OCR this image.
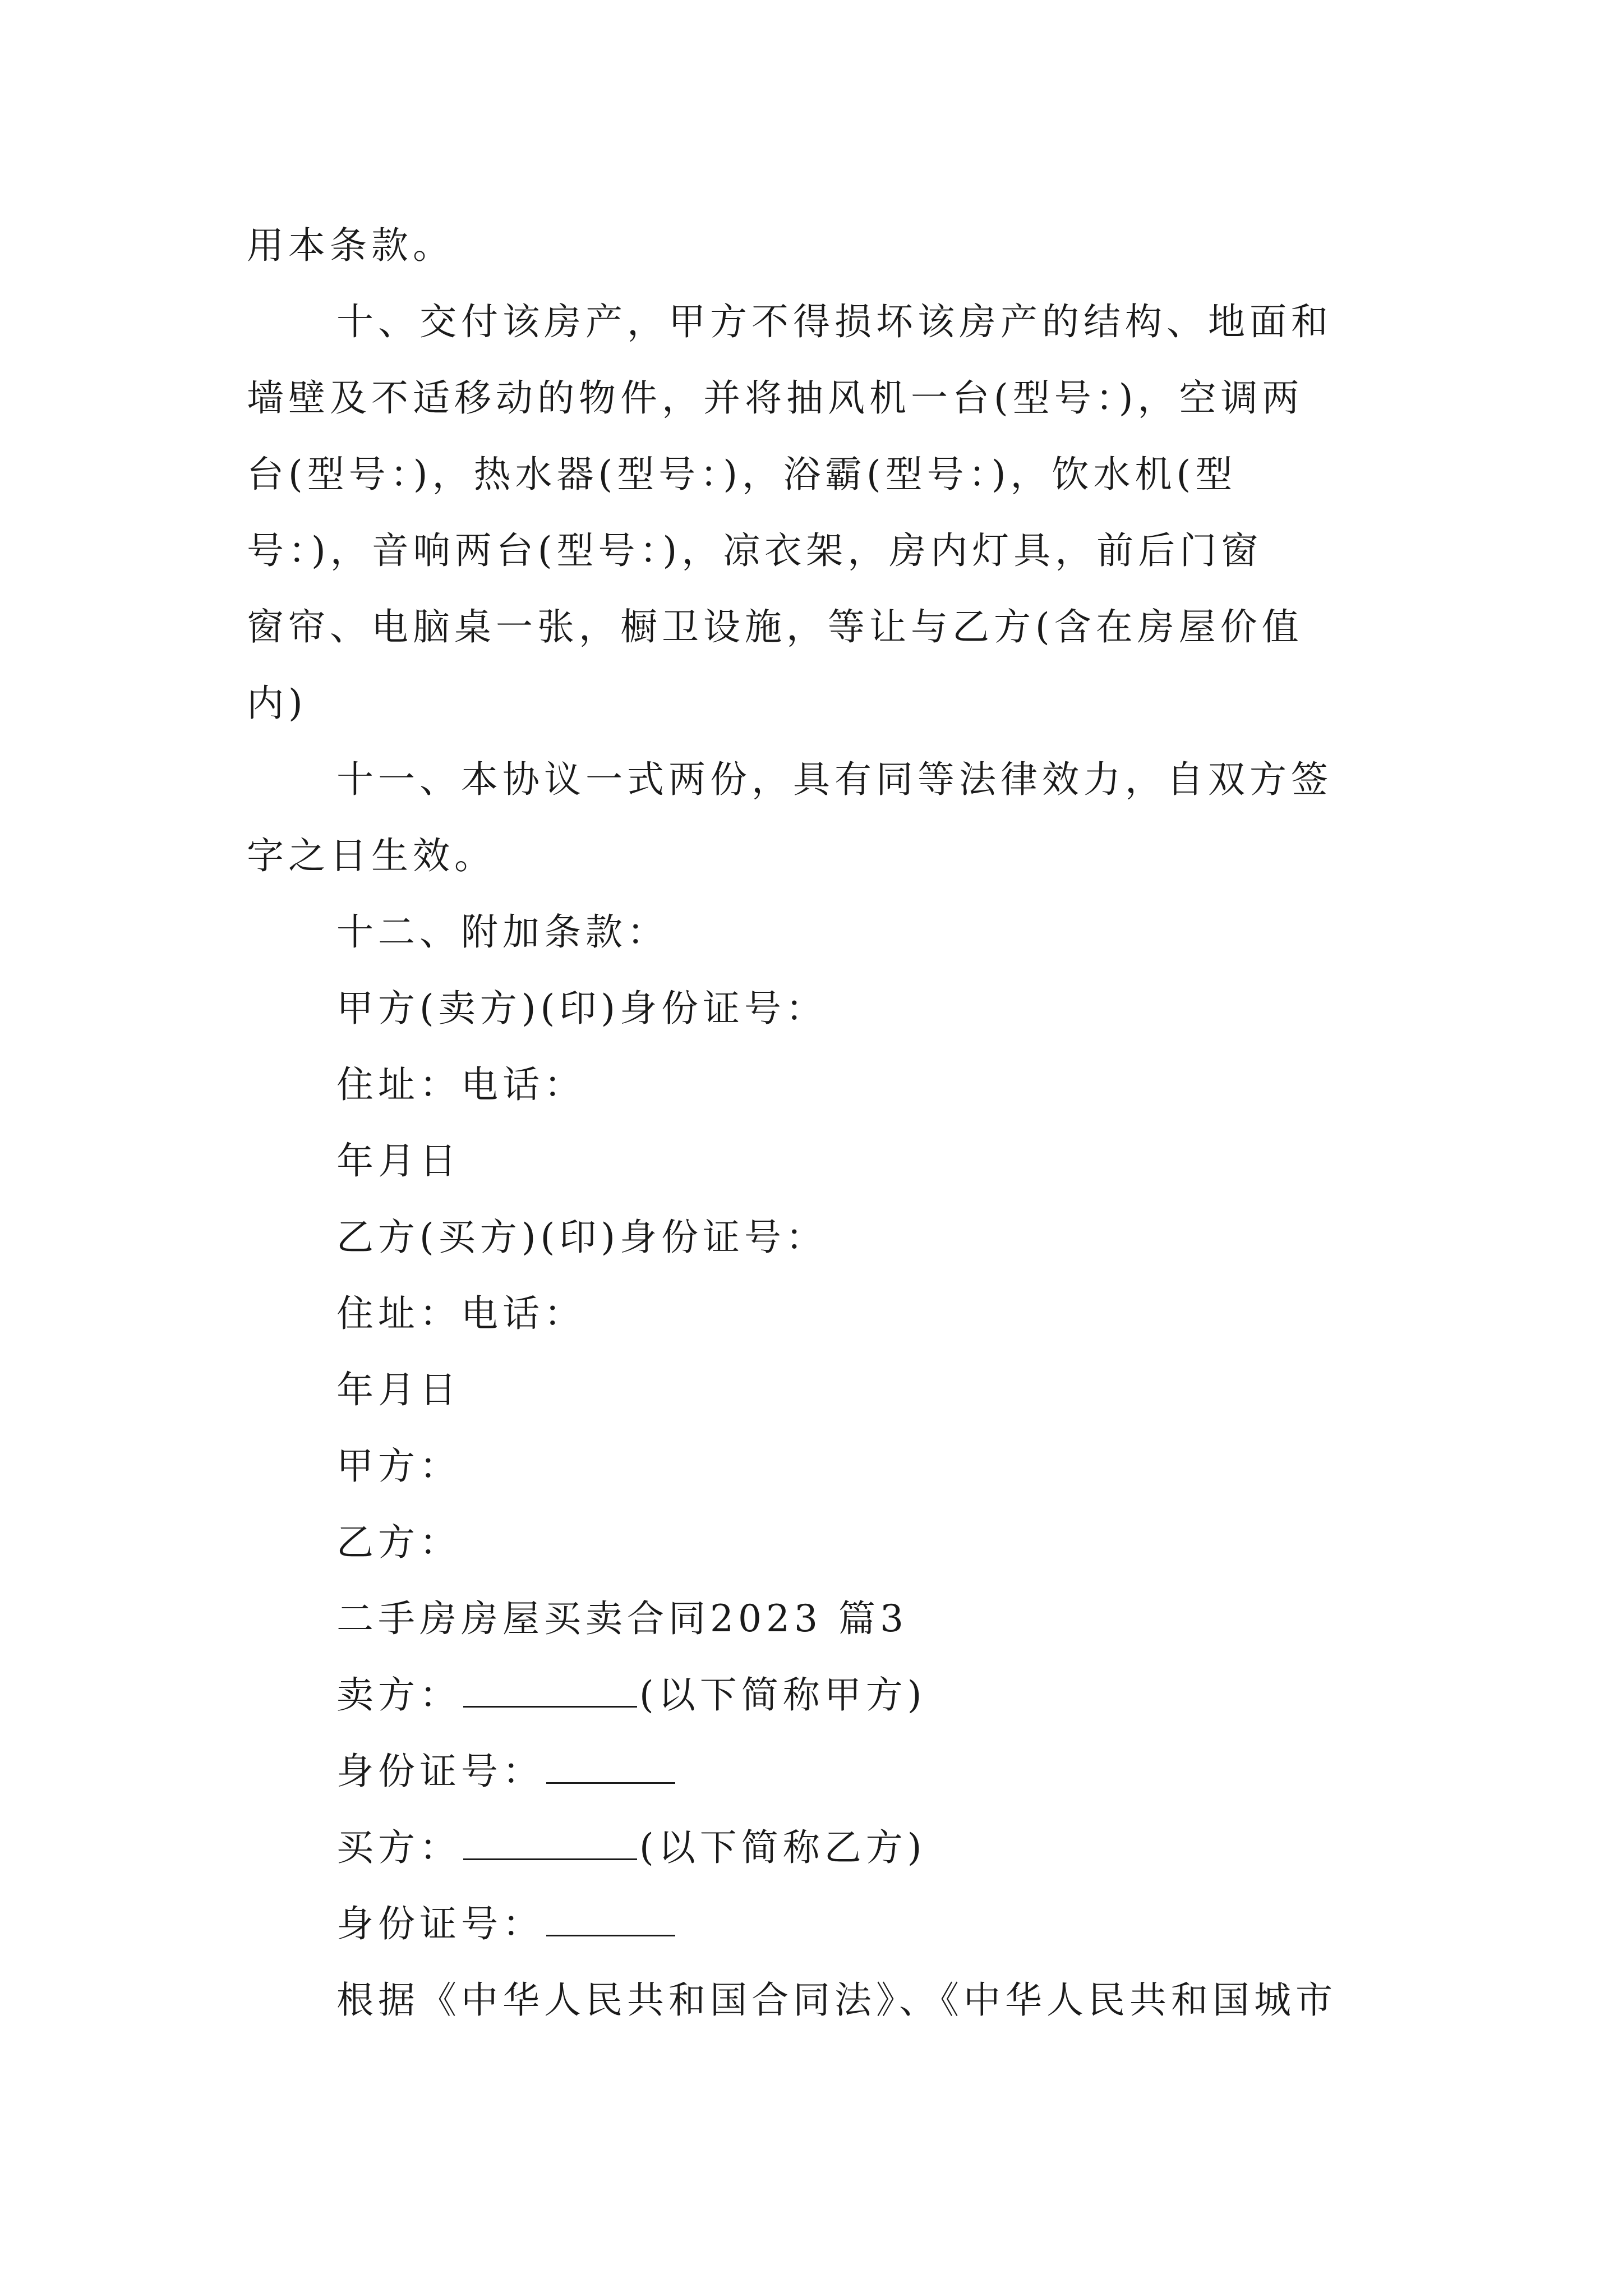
用本条款。
十、交付该房产，甲方不得损坏该房产的结构、地面和
墙壁及不适移动的物件，并将抽风机一台(型号：)，空调两
台(型号：)，热水器(型号：)，浴霸(型号：)，饮水机(型
号：)，音响两台(型号：)，凉衣架，房内灯具，前后门窗
窗帘、电脑桌一张，橱卫设施，等让与乙方(含在房屋价值
内)
十一、本协议一式两份，具有同等法律效力，自双方签
字之日生效。
十二、附加条款：
甲方(卖方)(印)身份证号：
住址：电话：
年月日
乙方(买方)(印)身份证号：
住址：电话：
年月日
甲方：
乙方：
二手房房屋买卖合同2023 篇3
卖方：	(以下简称甲方)
身份证号：
买方：	(以下简称乙方)
身份证号：
根据《中华人民共和国合同法》、《中华人民共和国城市
